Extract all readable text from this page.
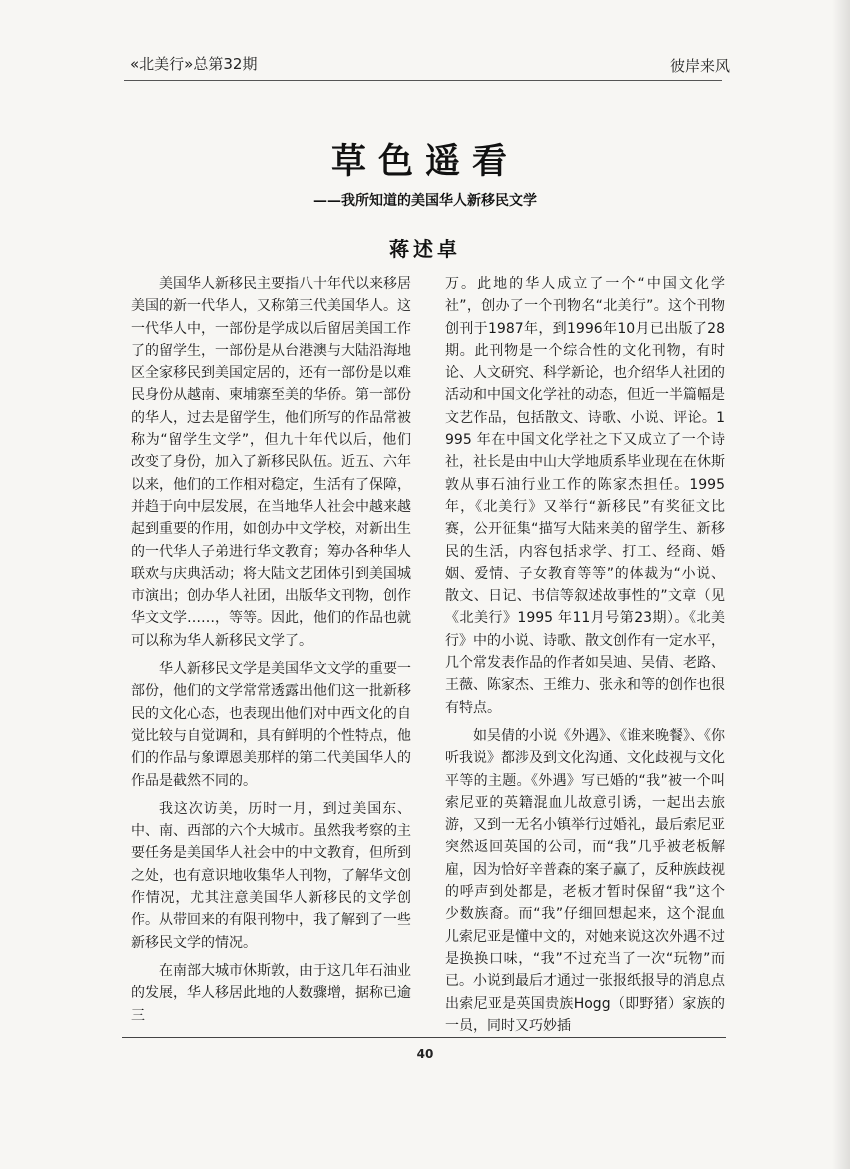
«北美行»总第32期	彼岸来风
草色遥看
——我所知道的美国华人新移民文学
蒋述卓

美国华人新移民主要指八十年代以来移居美国的新一代华人，又称第三代美国华人。这一代华人中，一部份是学成以后留居美国工作了的留学生，一部份是从台港澳与大陆沿海地区全家移民到美国定居的，还有一部份是以难民身份从越南、柬埔寨至美的华侨。第一部份的华人，过去是留学生，他们所写的作品常被称为“留学生文学”，但九十年代以后，他们改变了身份，加入了新移民队伍。近五、六年以来，他们的工作相对稳定，生活有了保障，并趋于向中层发展，在当地华人社会中越来越起到重要的作用，如创办中文学校，对新出生的一代华人子弟进行华文教育；筹办各种华人联欢与庆典活动；将大陆文艺团体引到美国城市演出；创办华人社团，出版华文刊物，创作华文文学……，等等。因此，他们的作品也就可以称为华人新移民文学了。

华人新移民文学是美国华文文学的重要一部份，他们的文学常常透露出他们这一批新移民的文化心态，也表现出他们对中西文化的自觉比较与自觉调和，具有鲜明的个性特点，他们的作品与象谭恩美那样的第二代美国华人的作品是截然不同的。

我这次访美，历时一月，到过美国东、中、南、西部的六个大城市。虽然我考察的主要任务是美国华人社会中的中文教育，但所到之处，也有意识地收集华人刊物，了解华文创作情况，尤其注意美国华人新移民的文学创作。从带回来的有限刊物中，我了解到了一些新移民文学的情况。

在南部大城市休斯敦，由于这几年石油业的发展，华人移居此地的人数骤增，据称已逾三

万。此地的华人成立了一个“中国文化学社”，创办了一个刊物名“北美行”。这个刊物创刊于1987年，到1996年10月已出版了28期。此刊物是一个综合性的文化刊物，有时论、人文研究、科学新论，也介绍华人社团的活动和中国文化学社的动态，但近一半篇幅是文艺作品，包括散文、诗歌、小说、评论。1995 年在中国文化学社之下又成立了一个诗社，社长是由中山大学地质系毕业现在在休斯敦从事石油行业工作的陈家杰担任。1995 年，《北美行》又举行“新移民”有奖征文比赛，公开征集“描写大陆来美的留学生、新移民的生活，内容包括求学、打工、经商、婚姻、爱情、子女教育等等”的体裁为“小说、散文、日记、书信等叙述故事性的”文章（见《北美行》1995 年11月号第23期）。《北美行》中的小说、诗歌、散文创作有一定水平，几个常发表作品的作者如吴迪、吴倩、老路、王薇、陈家杰、王维力、张永和等的创作也很有特点。

如吴倩的小说《外遇》、《谁来晚餐》、《你听我说》都涉及到文化沟通、文化歧视与文化平等的主题。《外遇》写已婚的“我”被一个叫索尼亚的英籍混血儿故意引诱，一起出去旅游，又到一无名小镇举行过婚礼，最后索尼亚突然返回英国的公司，而“我”几乎被老板解雇，因为恰好辛普森的案子赢了，反种族歧视的呼声到处都是，老板才暂时保留“我”这个少数族裔。而“我”仔细回想起来，这个混血儿索尼亚是懂中文的，对她来说这次外遇不过是换换口味，“我”不过充当了一次“玩物”而已。小说到最后才通过一张报纸报导的消息点出索尼亚是英国贵族Hogg（即野猪）家族的一员，同时又巧妙插

40
